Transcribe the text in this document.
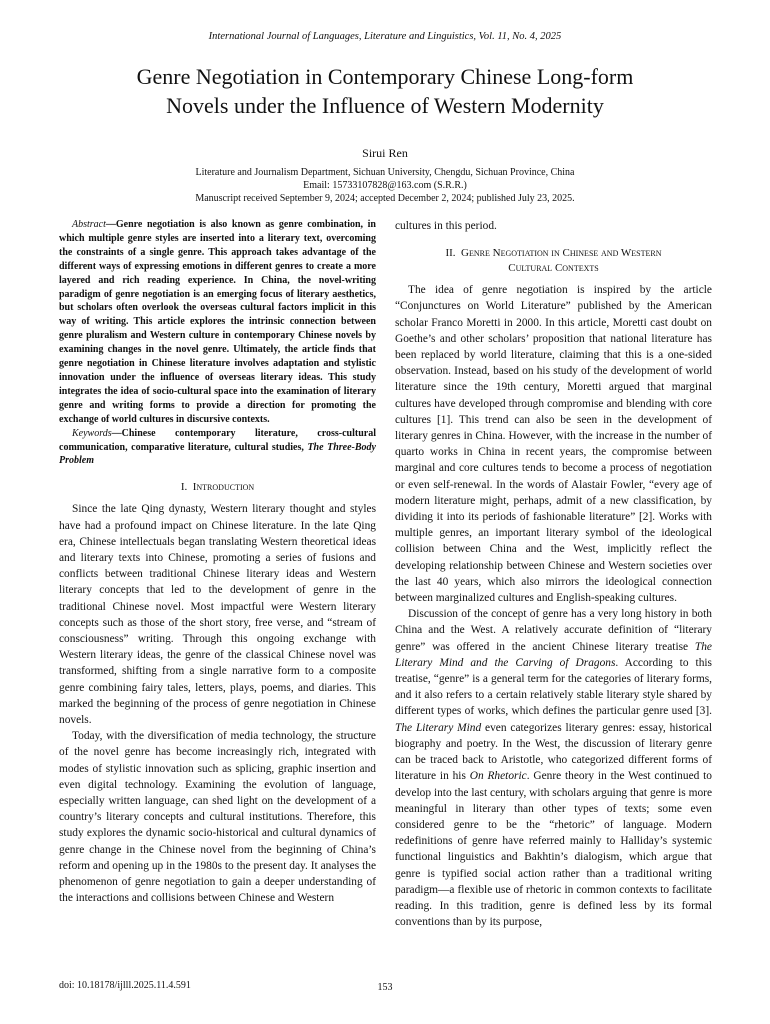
International Journal of Languages, Literature and Linguistics, Vol. 11, No. 4, 2025
Genre Negotiation in Contemporary Chinese Long-form
Novels under the Influence of Western Modernity
Sirui Ren
Literature and Journalism Department, Sichuan University, Chengdu, Sichuan Province, China
Email: 15733107828@163.com (S.R.R.)
Manuscript received September 9, 2024; accepted December 2, 2024; published July 23, 2025.

Abstract—Genre negotiation is also known as genre combination, in which multiple genre styles are inserted into a literary text, overcoming the constraints of a single genre. This approach takes advantage of the different ways of expressing emotions in different genres to create a more layered and rich reading experience. In China, the novel-writing paradigm of genre negotiation is an emerging focus of literary aesthetics, but scholars often overlook the overseas cultural factors implicit in this way of writing. This article explores the intrinsic connection between genre pluralism and Western culture in contemporary Chinese novels by examining changes in the novel genre. Ultimately, the article finds that genre negotiation in Chinese literature involves adaptation and stylistic innovation under the influence of overseas literary ideas. This study integrates the idea of socio-cultural space into the examination of literary genre and writing forms to provide a direction for promoting the exchange of world cultures in discursive contexts.

Keywords—Chinese contemporary literature, cross-cultural communication, comparative literature, cultural studies, The Three-Body Problem

I. Introduction

Since the late Qing dynasty, Western literary thought and styles have had a profound impact on Chinese literature. In the late Qing era, Chinese intellectuals began translating Western theoretical ideas and literary texts into Chinese, promoting a series of fusions and conflicts between traditional Chinese literary ideas and Western literary concepts that led to the development of genre in the traditional Chinese novel. Most impactful were Western literary concepts such as those of the short story, free verse, and “stream of consciousness” writing. Through this ongoing exchange with Western literary ideas, the genre of the classical Chinese novel was transformed, shifting from a single narrative form to a composite genre combining fairy tales, letters, plays, poems, and diaries. This marked the beginning of the process of genre negotiation in Chinese novels.

Today, with the diversification of media technology, the structure of the novel genre has become increasingly rich, integrated with modes of stylistic innovation such as splicing, graphic insertion and even digital technology. Examining the evolution of language, especially written language, can shed light on the development of a country’s literary concepts and cultural institutions. Therefore, this study explores the dynamic socio-historical and cultural dynamics of genre change in the Chinese novel from the beginning of China’s reform and opening up in the 1980s to the present day. It analyses the phenomenon of genre negotiation to gain a deeper understanding of the interactions and collisions between Chinese and Western

cultures in this period.

II. Genre Negotiation in Chinese and Western
Cultural Contexts

The idea of genre negotiation is inspired by the article “Conjunctures on World Literature” published by the American scholar Franco Moretti in 2000. In this article, Moretti cast doubt on Goethe’s and other scholars’ proposition that national literature has been replaced by world literature, claiming that this is a one-sided observation. Instead, based on his study of the development of world literature since the 19th century, Moretti argued that marginal cultures have developed through compromise and blending with core cultures [1]. This trend can also be seen in the development of literary genres in China. However, with the increase in the number of quarto works in China in recent years, the compromise between marginal and core cultures tends to become a process of negotiation or even self-renewal. In the words of Alastair Fowler, “every age of modern literature might, perhaps, admit of a new classification, by dividing it into its periods of fashionable literature” [2]. Works with multiple genres, an important literary symbol of the ideological collision between China and the West, implicitly reflect the developing relationship between Chinese and Western societies over the last 40 years, which also mirrors the ideological connection between marginalized cultures and English-speaking cultures.

Discussion of the concept of genre has a very long history in both China and the West. A relatively accurate definition of “literary genre” was offered in the ancient Chinese literary treatise The Literary Mind and the Carving of Dragons. According to this treatise, “genre” is a general term for the categories of literary forms, and it also refers to a certain relatively stable literary style shared by different types of works, which defines the particular genre used [3]. The Literary Mind even categorizes literary genres: essay, historical biography and poetry. In the West, the discussion of literary genre can be traced back to Aristotle, who categorized different forms of literature in his On Rhetoric. Genre theory in the West continued to develop into the last century, with scholars arguing that genre is more meaningful in literary than other types of texts; some even considered genre to be the “rhetoric” of language. Modern redefinitions of genre have referred mainly to Halliday’s systemic functional linguistics and Bakhtin’s dialogism, which argue that genre is typified social action rather than a traditional writing paradigm—a flexible use of rhetoric in common contexts to facilitate reading. In this tradition, genre is defined less by its formal conventions than by its purpose,

doi: 10.18178/ijlll.2025.11.4.591	153
